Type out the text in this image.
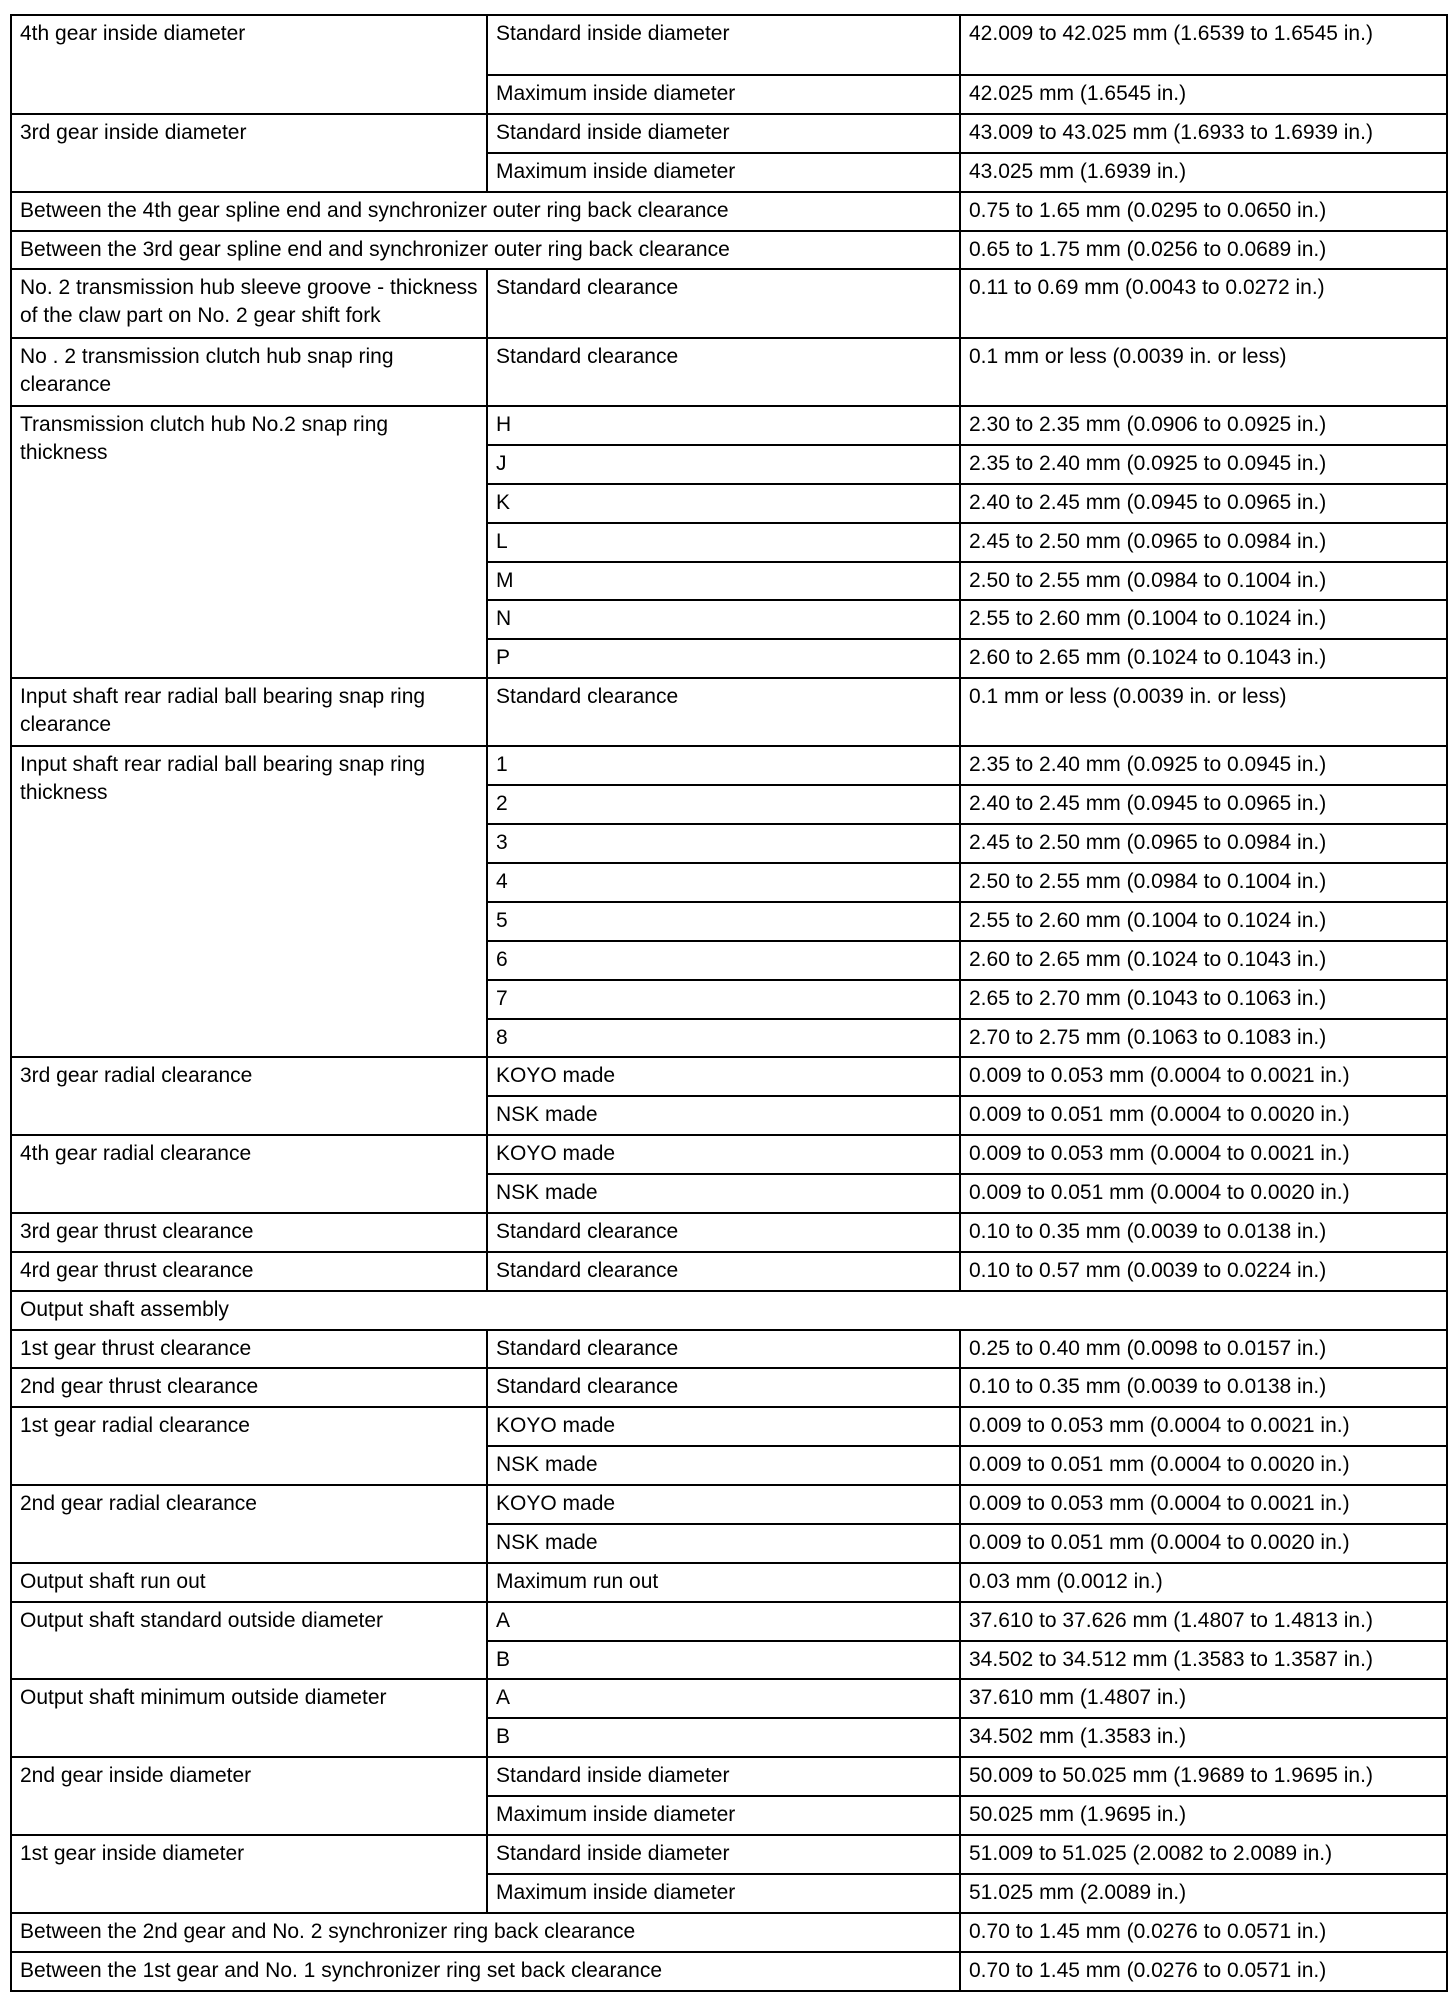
4th gear inside diameter	Standard inside diameter	42.009 to 42.025 mm (1.6539 to 1.6545 in.)
	Maximum inside diameter	42.025 mm (1.6545 in.)
3rd gear inside diameter	Standard inside diameter	43.009 to 43.025 mm (1.6933 to 1.6939 in.)
	Maximum inside diameter	43.025 mm (1.6939 in.)
Between the 4th gear spline end and synchronizer outer ring back clearance		0.75 to 1.65 mm (0.0295 to 0.0650 in.)
Between the 3rd gear spline end and synchronizer outer ring back clearance		0.65 to 1.75 mm (0.0256 to 0.0689 in.)
No. 2 transmission hub sleeve groove - thickness of the claw part on No. 2 gear shift fork	Standard clearance	0.11 to 0.69 mm (0.0043 to 0.0272 in.)
No . 2 transmission clutch hub snap ring clearance	Standard clearance	0.1 mm or less (0.0039 in. or less)
Transmission clutch hub No.2 snap ring thickness	H	2.30 to 2.35 mm (0.0906 to 0.0925 in.)
	J	2.35 to 2.40 mm (0.0925 to 0.0945 in.)
	K	2.40 to 2.45 mm (0.0945 to 0.0965 in.)
	L	2.45 to 2.50 mm (0.0965 to 0.0984 in.)
	M	2.50 to 2.55 mm (0.0984 to 0.1004 in.)
	N	2.55 to 2.60 mm (0.1004 to 0.1024 in.)
	P	2.60 to 2.65 mm (0.1024 to 0.1043 in.)
Input shaft rear radial ball bearing snap ring clearance	Standard clearance	0.1 mm or less (0.0039 in. or less)
Input shaft rear radial ball bearing snap ring thickness	1	2.35 to 2.40 mm (0.0925 to 0.0945 in.)
	2	2.40 to 2.45 mm (0.0945 to 0.0965 in.)
	3	2.45 to 2.50 mm (0.0965 to 0.0984 in.)
	4	2.50 to 2.55 mm (0.0984 to 0.1004 in.)
	5	2.55 to 2.60 mm (0.1004 to 0.1024 in.)
	6	2.60 to 2.65 mm (0.1024 to 0.1043 in.)
	7	2.65 to 2.70 mm (0.1043 to 0.1063 in.)
	8	2.70 to 2.75 mm (0.1063 to 0.1083 in.)
3rd gear radial clearance	KOYO made	0.009 to 0.053 mm (0.0004 to 0.0021 in.)
	NSK made	0.009 to 0.051 mm (0.0004 to 0.0020 in.)
4th gear radial clearance	KOYO made	0.009 to 0.053 mm (0.0004 to 0.0021 in.)
	NSK made	0.009 to 0.051 mm (0.0004 to 0.0020 in.)
3rd gear thrust clearance	Standard clearance	0.10 to 0.35 mm (0.0039 to 0.0138 in.)
4rd gear thrust clearance	Standard clearance	0.10 to 0.57 mm (0.0039 to 0.0224 in.)
Output shaft assembly		
1st gear thrust clearance	Standard clearance	0.25 to 0.40 mm (0.0098 to 0.0157 in.)
2nd gear thrust clearance	Standard clearance	0.10 to 0.35 mm (0.0039 to 0.0138 in.)
1st gear radial clearance	KOYO made	0.009 to 0.053 mm (0.0004 to 0.0021 in.)
	NSK made	0.009 to 0.051 mm (0.0004 to 0.0020 in.)
2nd gear radial clearance	KOYO made	0.009 to 0.053 mm (0.0004 to 0.0021 in.)
	NSK made	0.009 to 0.051 mm (0.0004 to 0.0020 in.)
Output shaft run out	Maximum run out	0.03 mm (0.0012 in.)
Output shaft standard outside diameter	A	37.610 to 37.626 mm (1.4807 to 1.4813 in.)
	B	34.502 to 34.512 mm (1.3583 to 1.3587 in.)
Output shaft minimum outside diameter	A	37.610 mm (1.4807 in.)
	B	34.502 mm (1.3583 in.)
2nd gear inside diameter	Standard inside diameter	50.009 to 50.025 mm (1.9689 to 1.9695 in.)
	Maximum inside diameter	50.025 mm (1.9695 in.)
1st gear inside diameter	Standard inside diameter	51.009 to 51.025 (2.0082 to 2.0089 in.)
	Maximum inside diameter	51.025 mm (2.0089 in.)
Between the 2nd gear and No. 2 synchronizer ring back clearance		0.70 to 1.45 mm (0.0276 to 0.0571 in.)
Between the 1st gear and No. 1 synchronizer ring set back clearance		0.70 to 1.45 mm (0.0276 to 0.0571 in.)
